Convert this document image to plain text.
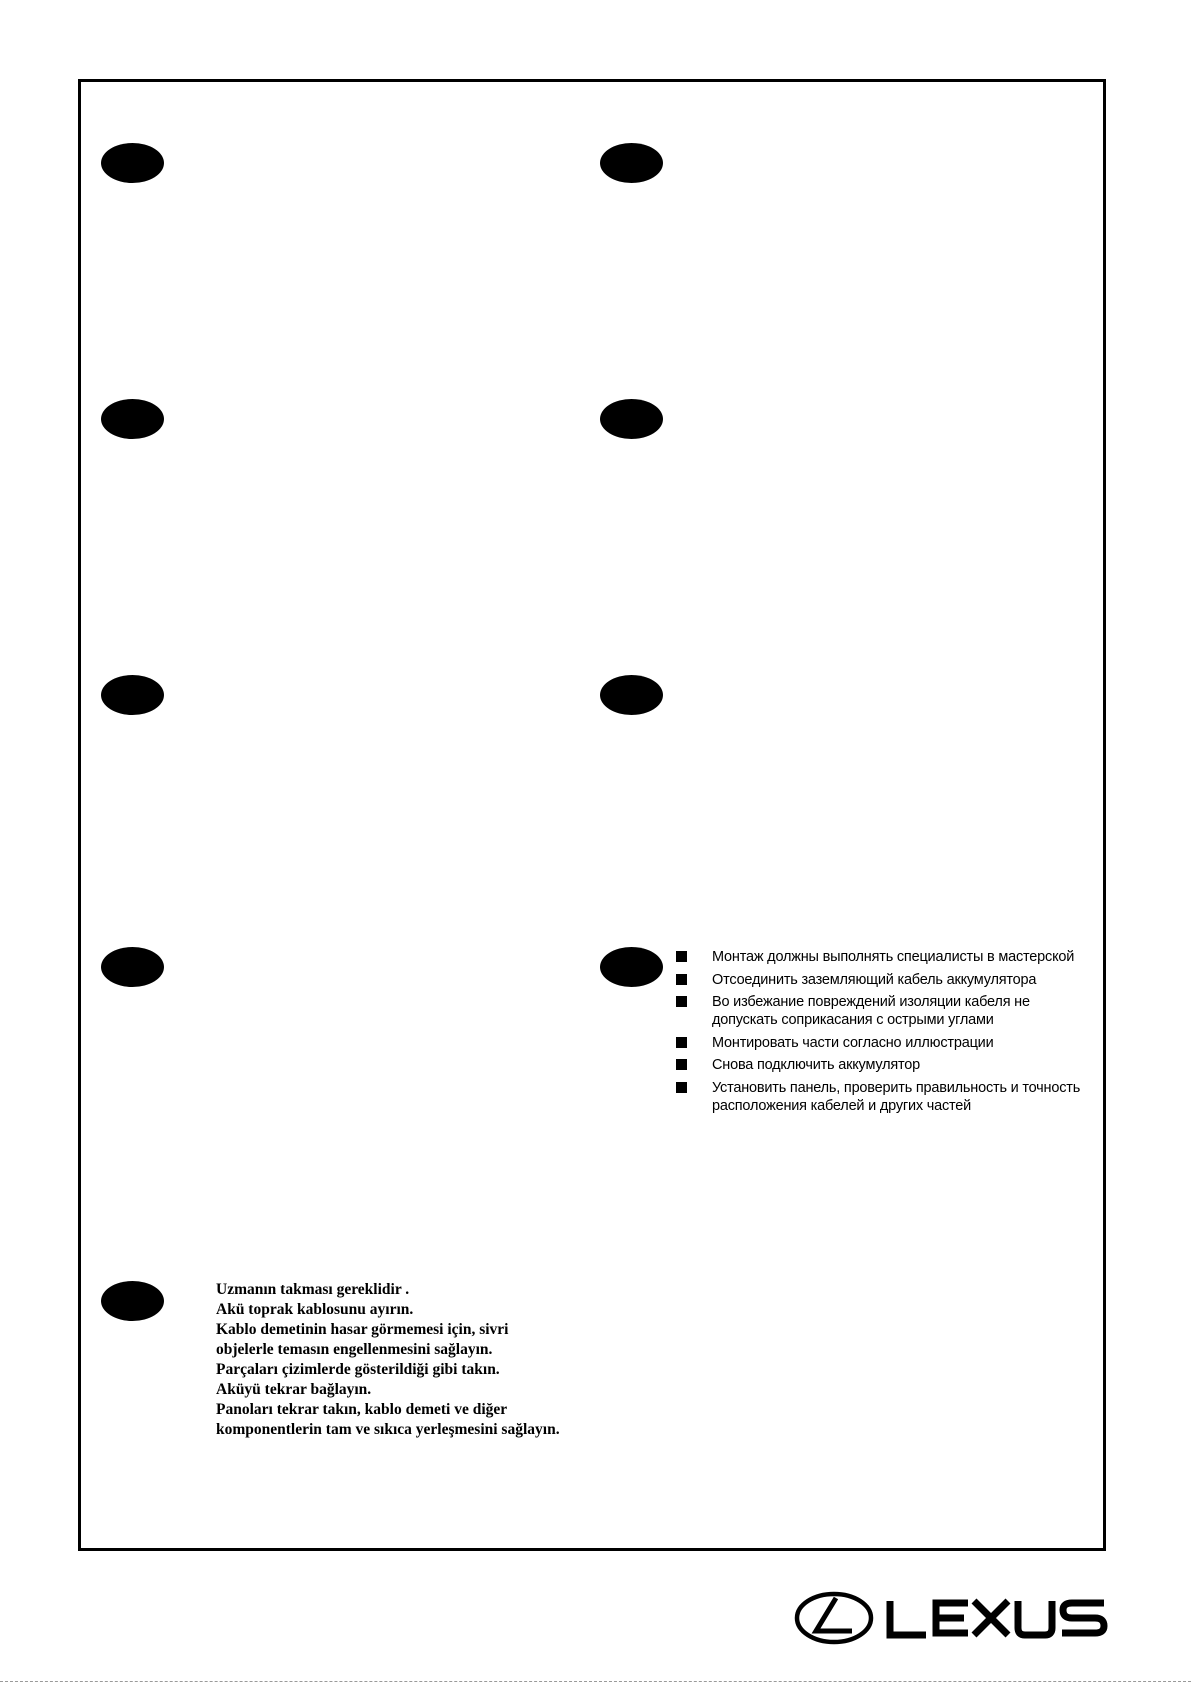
Монтаж должны выполнять специалисты в мастерской
Отсоединить заземляющий кабель аккумулятора
Во избежание повреждений изоляции кабеля не допускать соприкасания с острыми углами
Монтировать части согласно иллюстрации
Снова подключить аккумулятор
Установить панель, проверить правильность и точность расположения кабелей и других частей
Uzmanın takması gereklidir .
Akü toprak kablosunu ayırın.
Kablo demetinin hasar görmemesi için, sivri
objelerle temasın engellenmesini sağlayın.
Parçaları çizimlerde gösterildiği gibi takın.
Aküyü tekrar bağlayın.
Panoları tekrar takın, kablo demeti ve diğer
komponentlerin tam ve sıkıca yerleşmesini sağlayın.
